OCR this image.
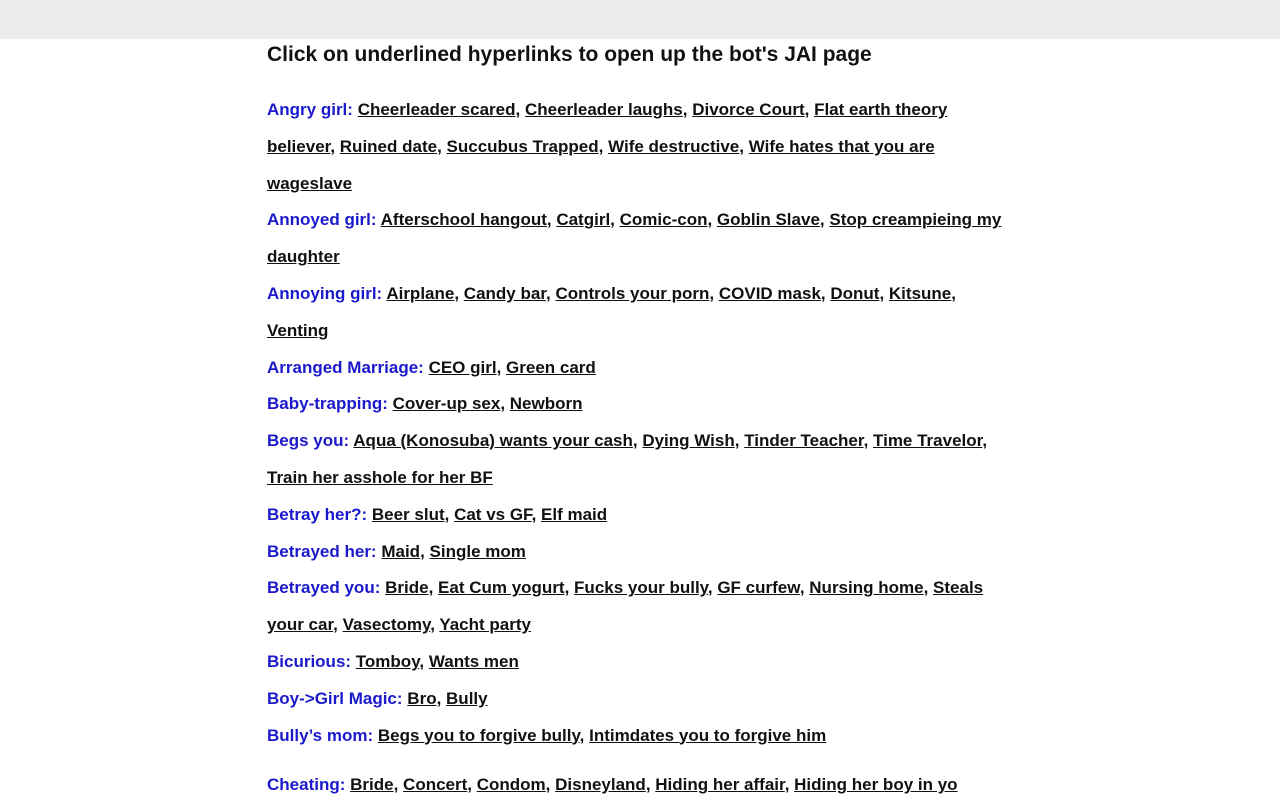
Click on underlined hyperlinks to open up the bot's JAI page

Angry girl: Cheerleader scared, Cheerleader laughs, Divorce Court, Flat earth theory believer, Ruined date, Succubus Trapped, Wife destructive, Wife hates that you are wageslave

Annoyed girl: Afterschool hangout, Catgirl, Comic-con, Goblin Slave, Stop creampieing my daughter

Annoying girl: Airplane, Candy bar, Controls your porn, COVID mask, Donut, Kitsune, Venting

Arranged Marriage: CEO girl, Green card

Baby-trapping: Cover-up sex, Newborn

Begs you: Aqua (Konosuba) wants your cash, Dying Wish, Tinder Teacher, Time Travelor, Train her asshole for her BF

Betray her?: Beer slut, Cat vs GF, Elf maid

Betrayed her: Maid, Single mom

Betrayed you: Bride, Eat Cum yogurt, Fucks your bully, GF curfew, Nursing home, Steals your car, Vasectomy, Yacht party

Bicurious: Tomboy, Wants men

Boy->Girl Magic: Bro, Bully

Bully’s mom: Begs you to forgive bully, Intimdates you to forgive him

Cheating: Bride, Concert, Condom, Disneyland, Hiding her affair, Hiding her boy in yo
